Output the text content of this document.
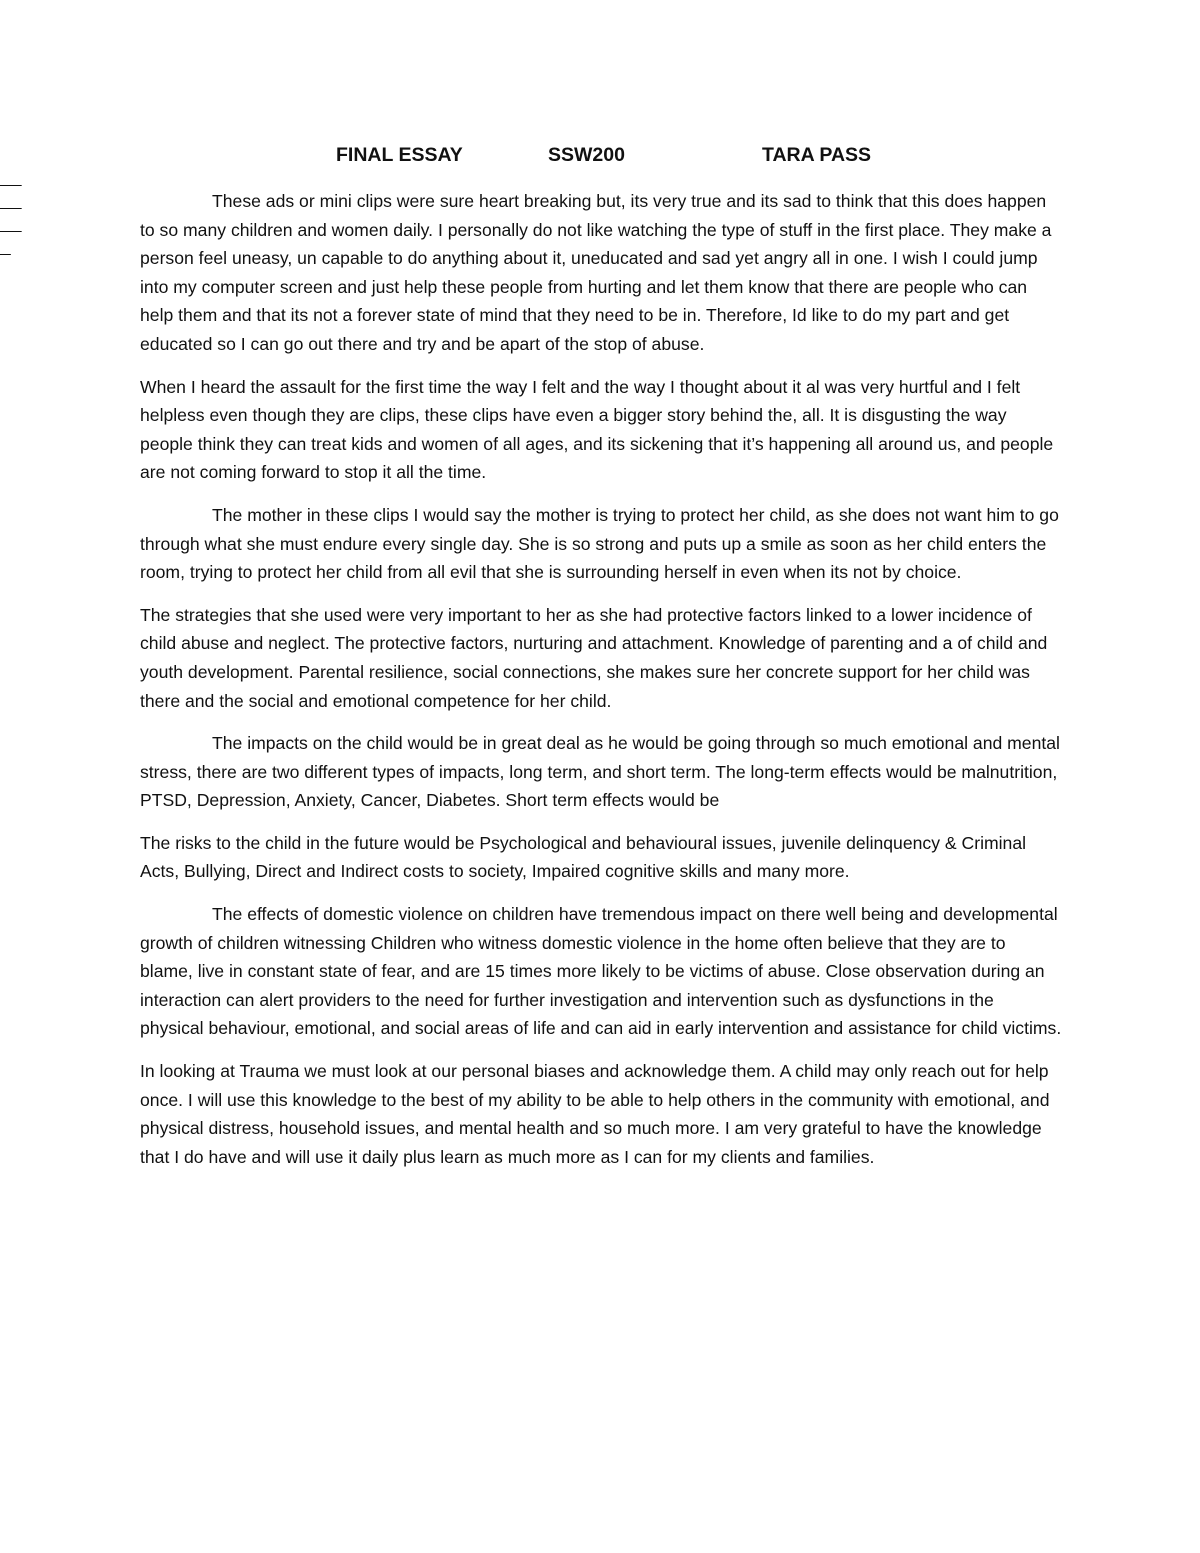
FINAL ESSAY

	SSW200

	TARA PASS

These ads or mini clips were sure heart breaking but, its very true and its sad to think that this does happen to so many children and women daily. I personally do not like watching the type of stuff in the first place. They make a person feel uneasy, un capable to do anything about it, uneducated and sad yet angry all in one. I wish I could jump into my computer screen and just help these people from hurting and let them know that there are people who can help them and that its not a forever state of mind that they need to be in. Therefore, Id like to do my part and get educated so I can go out there and try and be apart of the stop of abuse.

When I heard the assault for the first time the way I felt and the way I thought about it al was very hurtful and I felt helpless even though they are clips, these clips have even a bigger story behind the, all. It is disgusting the way people think they can treat kids and women of all ages, and its sickening that it’s happening all around us, and people are not coming forward to stop it all the time.

The mother in these clips I would say the mother is trying to protect her child, as she does not want him to go through what she must endure every single day. She is so strong and puts up a smile as soon as her child enters the room, trying to protect her child from all evil that she is surrounding herself in even when its not by choice.

The strategies that she used were very important to her as she had protective factors linked to a lower incidence of child abuse and neglect. The protective factors, nurturing and attachment. Knowledge of parenting and a of child and youth development. Parental resilience, social connections, she makes sure her concrete support for her child was there and the social and emotional competence for her child.

The impacts on the child would be in great deal as he would be going through so much emotional and mental stress, there are two different types of impacts, long term, and short term. The long-term effects would be malnutrition, PTSD, Depression, Anxiety, Cancer, Diabetes. Short term effects would be

The risks to the child in the future would be Psychological and behavioural issues, juvenile delinquency & Criminal Acts, Bullying, Direct and Indirect costs to society, Impaired cognitive skills and many more.

The effects of domestic violence on children have tremendous impact on there well being and developmental growth of children witnessing Children who witness domestic violence in the home often believe that they are to blame, live in constant state of fear, and are 15 times more likely to be victims of abuse. Close observation during an interaction can alert providers to the need for further investigation and intervention such as dysfunctions in the physical behaviour, emotional, and social areas of life and can aid in early intervention and assistance for child victims.

In looking at Trauma we must look at our personal biases and acknowledge them. A child may only reach out for help once. I will use this knowledge to the best of my ability to be able to help others in the community with emotional, and physical distress, household issues, and mental health and so much more. I am very grateful to have the knowledge that I do have and will use it daily plus learn as much more as I can for my clients and families.
